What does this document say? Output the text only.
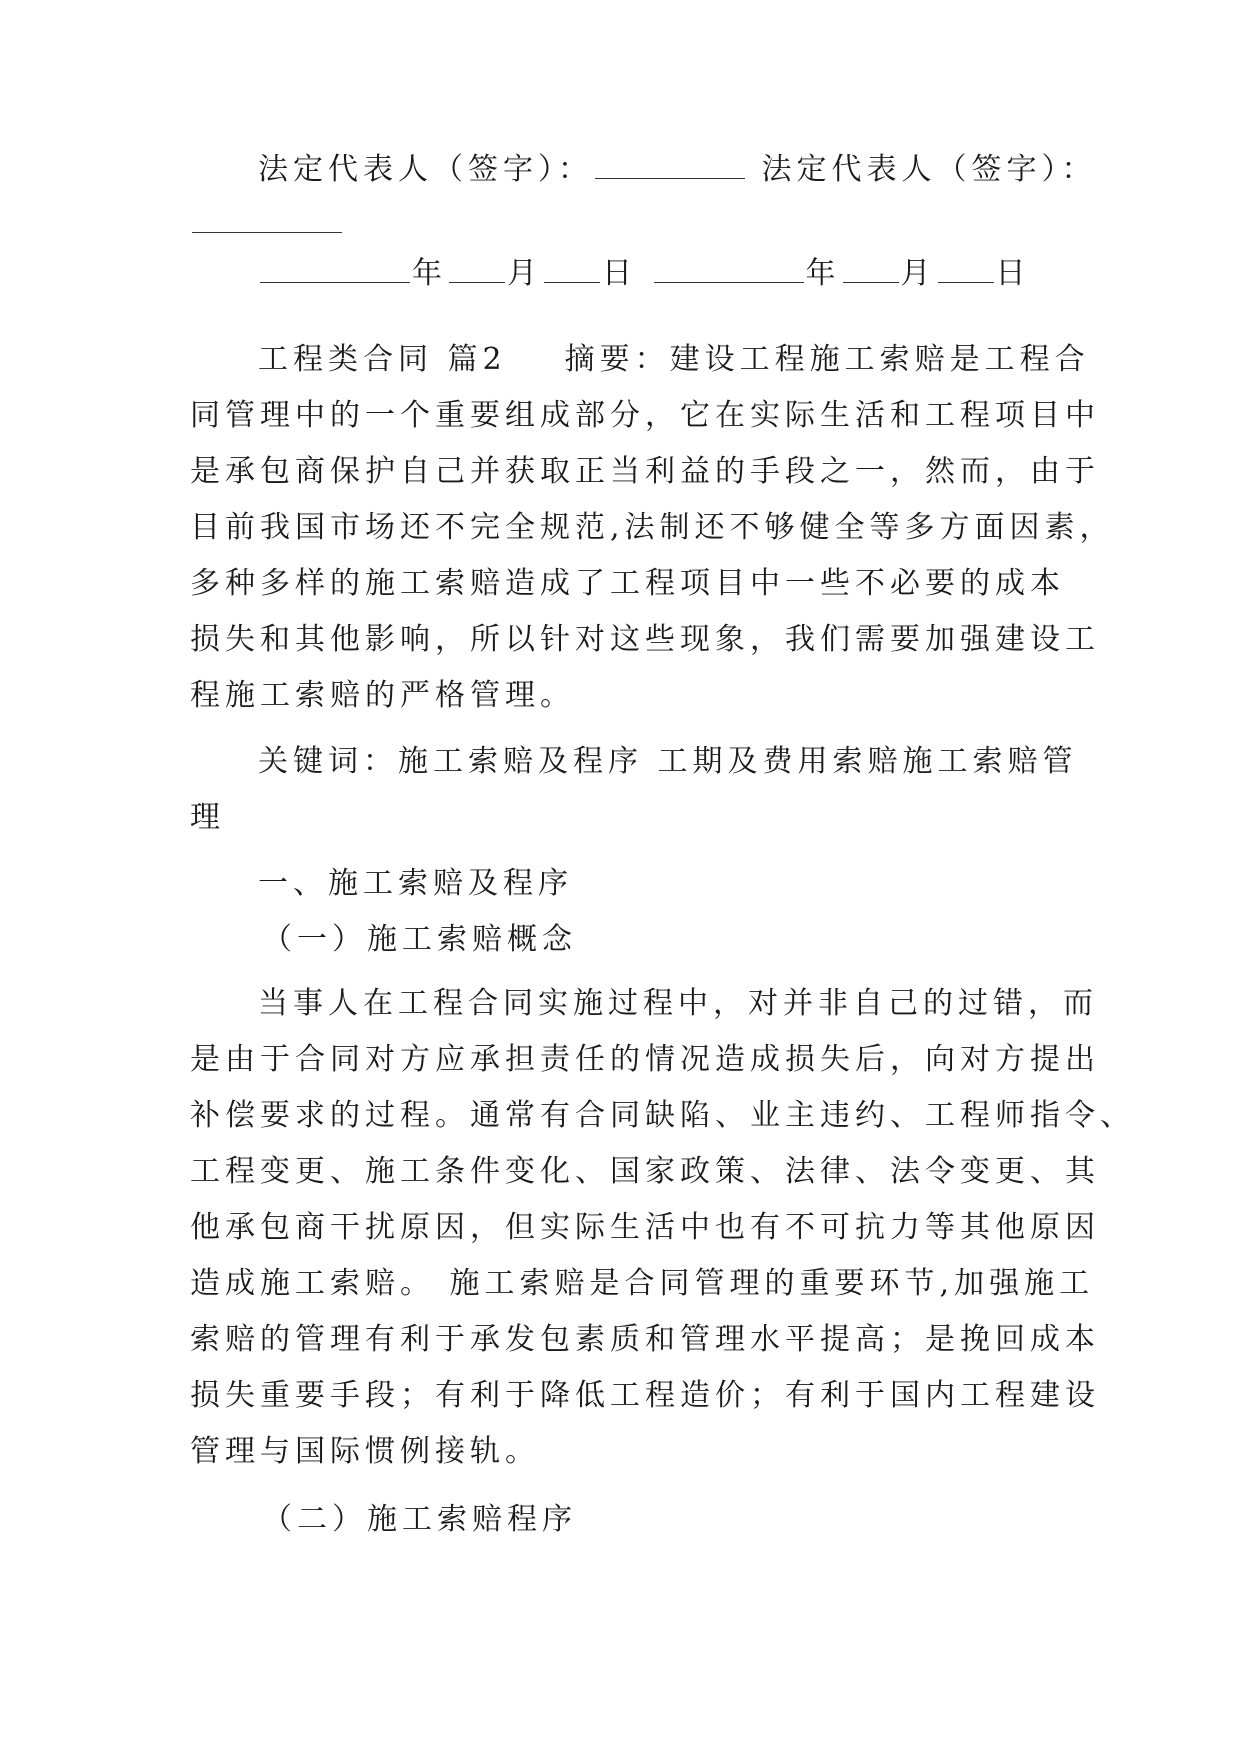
法定代表人（签字）：	法定代表人（签字）：
年 月 日	年 月 日
工程类合同 篇2 摘要：建设工程施工索赔是工程合
同管理中的一个重要组成部分，它在实际生活和工程项目中
是承包商保护自己并获取正当利益的手段之一，然而，由于
目前我国市场还不完全规范,法制还不够健全等多方面因素，
多种多样的施工索赔造成了工程项目中一些不必要的成本
损失和其他影响，所以针对这些现象，我们需要加强建设工
程施工索赔的严格管理。
关键词：施工索赔及程序 工期及费用索赔施工索赔管
理
一、施工索赔及程序
（一）施工索赔概念
当事人在工程合同实施过程中，对并非自己的过错，而
是由于合同对方应承担责任的情况造成损失后，向对方提出
补偿要求的过程。通常有合同缺陷、业主违约、工程师指令、
工程变更、施工条件变化、国家政策、法律、法令变更、其
他承包商干扰原因，但实际生活中也有不可抗力等其他原因
造成施工索赔。 施工索赔是合同管理的重要环节,加强施工
索赔的管理有利于承发包素质和管理水平提高；是挽回成本
损失重要手段；有利于降低工程造价；有利于国内工程建设
管理与国际惯例接轨。
（二）施工索赔程序
